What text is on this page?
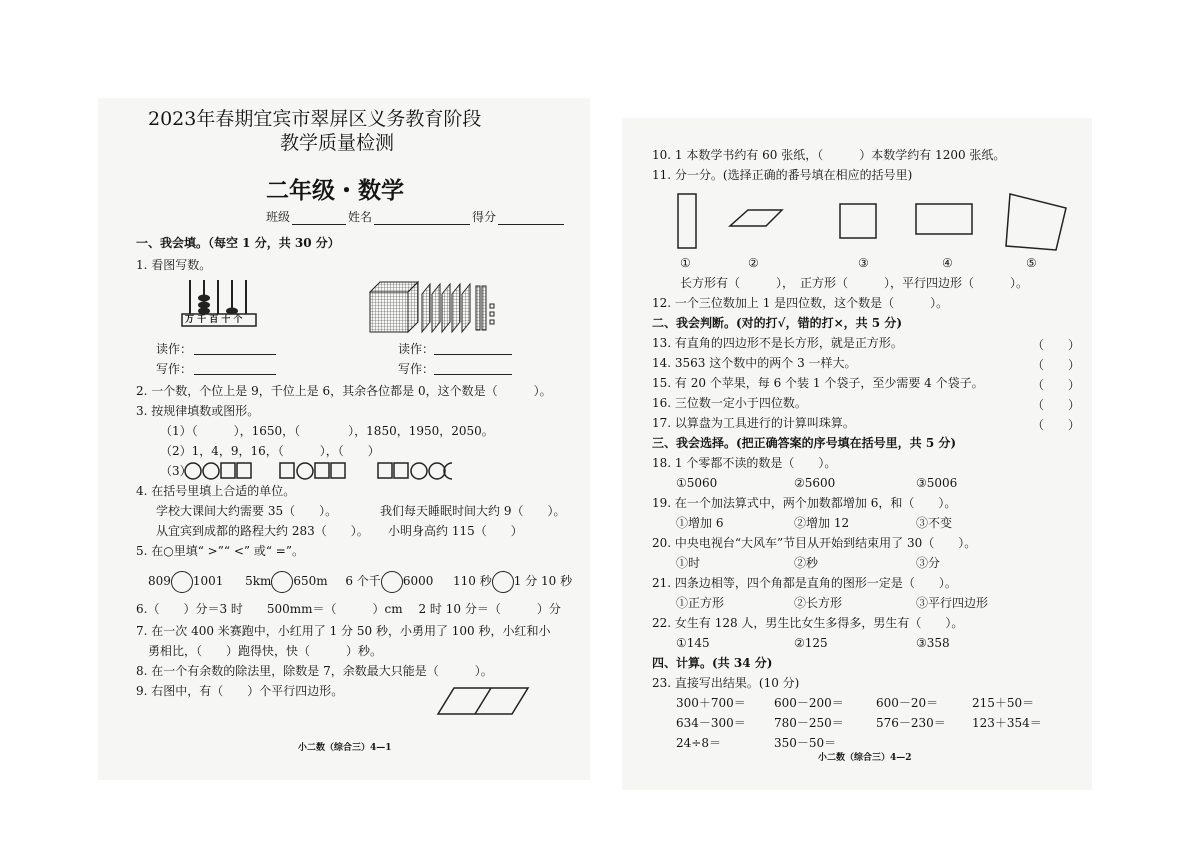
2023年春期宜宾市翠屏区义务教育阶段
教学质量检测
二年级・数学
班级	姓名	得分
一、我会填。（每空 1 分，共 30 分）
1. 看图写数。
万 千 百 十 个
读作：
写作：
读作：
写作：
2. 一个数，个位上是 9，千位上是 6，其余各位都是 0，这个数是（　　　）。
3. 按规律填数或图形。
（1）（　　　），1650，（　　　　），1850，1950，2050。
（2）1，4，9，16，（　　　），（　　）
（3）
4. 在括号里填上合适的单位。
学校大课间大约需要 35（　　）。	我们每天睡眠时间大约 9（　　）。
从宜宾到成都的路程大约 283（　　）。 小明身高约 115（　　）
5. 在○里填“ >”“ <” 或“ =”。
809 1001 5km 650m 6 个千 6000 110 秒 1 分 10 秒
6.（　　）分＝3 时　　500mm＝（　　　）cm　 2 时 10 分＝（　　　）分
7. 在一次 400 米赛跑中，小红用了 1 分 50 秒，小勇用了 100 秒，小红和小
勇相比，（　　）跑得快，快（　　　）秒。
8. 在一个有余数的除法里，除数是 7，余数最大只能是（　　　）。
9. 右图中，有（　　）个平行四边形。
小二数（综合三）4—1
10. 1 本数学书约有 60 张纸，（　　　）本数学约有 1200 张纸。
11. 分一分。(选择正确的番号填在相应的括号里)
①	②	③	④	⑤
长方形有（　　　），　正方形（　　　），平行四边形（　　　）。
12. 一个三位数加上 1 是四位数，这个数是（　　　）。
二、我会判断。(对的打√，错的打×，共 5 分)
13. 有直角的四边形不是长方形，就是正方形。	（　　）
14. 3563 这个数中的两个 3 一样大。	（　　）
15. 有 20 个苹果，每 6 个装 1 个袋子，至少需要 4 个袋子。	（　　）
16. 三位数一定小于四位数。	（　　）
17. 以算盘为工具进行的计算叫珠算。	（　　）
三、我会选择。(把正确答案的序号填在括号里，共 5 分)
18. 1 个零都不读的数是（　　）。
①5060	②5600	③5006
19. 在一个加法算式中，两个加数都增加 6，和（　　）。
①增加 6	②增加 12	③不变
20. 中央电视台“大风车”节目从开始到结束用了 30（　　）。
①时	②秒	③分
21. 四条边相等，四个角都是直角的图形一定是（　　）。
①正方形	②长方形	③平行四边形
22. 女生有 128 人，男生比女生多得多，男生有（　　）。
①145	②125	③358
四、计算。(共 34 分)
23. 直接写出结果。(10 分)
300＋700＝ 600－200＝	600－20＝	215＋50＝
634－300＝ 780－250＝	576－230＝ 123＋354＝
24÷8＝	350－50＝
小二数（综合三）4—2
